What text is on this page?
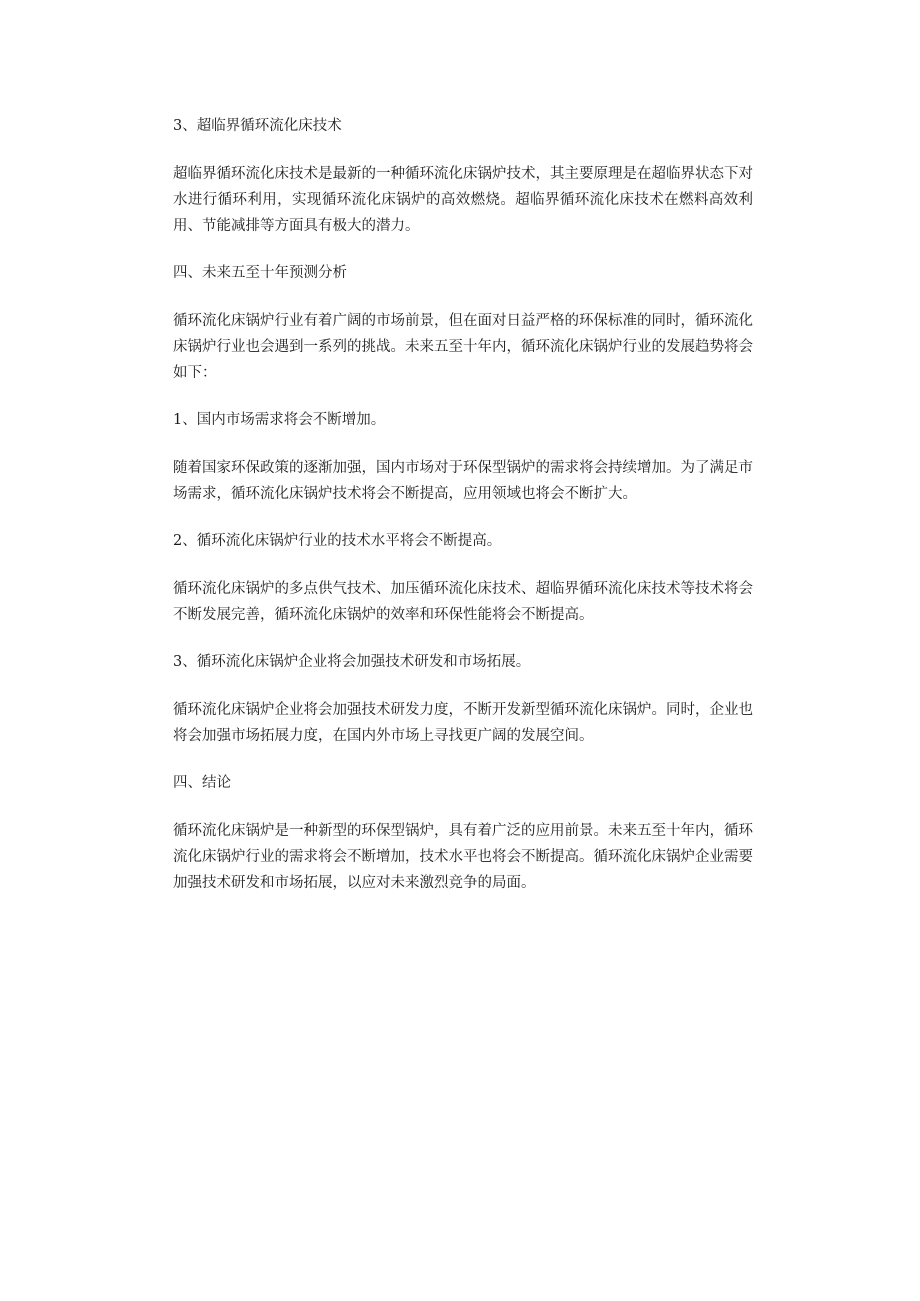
3、超临界循环流化床技术
超临界循环流化床技术是最新的一种循环流化床锅炉技术，其主要原理是在超临界状态下对水进行循环利用，实现循环流化床锅炉的高效燃烧。超临界循环流化床技术在燃料高效利用、节能减排等方面具有极大的潜力。
四、未来五至十年预测分析
循环流化床锅炉行业有着广阔的市场前景，但在面对日益严格的环保标准的同时，循环流化床锅炉行业也会遇到一系列的挑战。未来五至十年内，循环流化床锅炉行业的发展趋势将会如下：
1、国内市场需求将会不断增加。
随着国家环保政策的逐渐加强，国内市场对于环保型锅炉的需求将会持续增加。为了满足市场需求，循环流化床锅炉技术将会不断提高，应用领域也将会不断扩大。
2、循环流化床锅炉行业的技术水平将会不断提高。
循环流化床锅炉的多点供气技术、加压循环流化床技术、超临界循环流化床技术等技术将会不断发展完善，循环流化床锅炉的效率和环保性能将会不断提高。
3、循环流化床锅炉企业将会加强技术研发和市场拓展。
循环流化床锅炉企业将会加强技术研发力度，不断开发新型循环流化床锅炉。同时，企业也将会加强市场拓展力度，在国内外市场上寻找更广阔的发展空间。
四、结论
循环流化床锅炉是一种新型的环保型锅炉，具有着广泛的应用前景。未来五至十年内，循环流化床锅炉行业的需求将会不断增加，技术水平也将会不断提高。循环流化床锅炉企业需要加强技术研发和市场拓展，以应对未来激烈竞争的局面。
